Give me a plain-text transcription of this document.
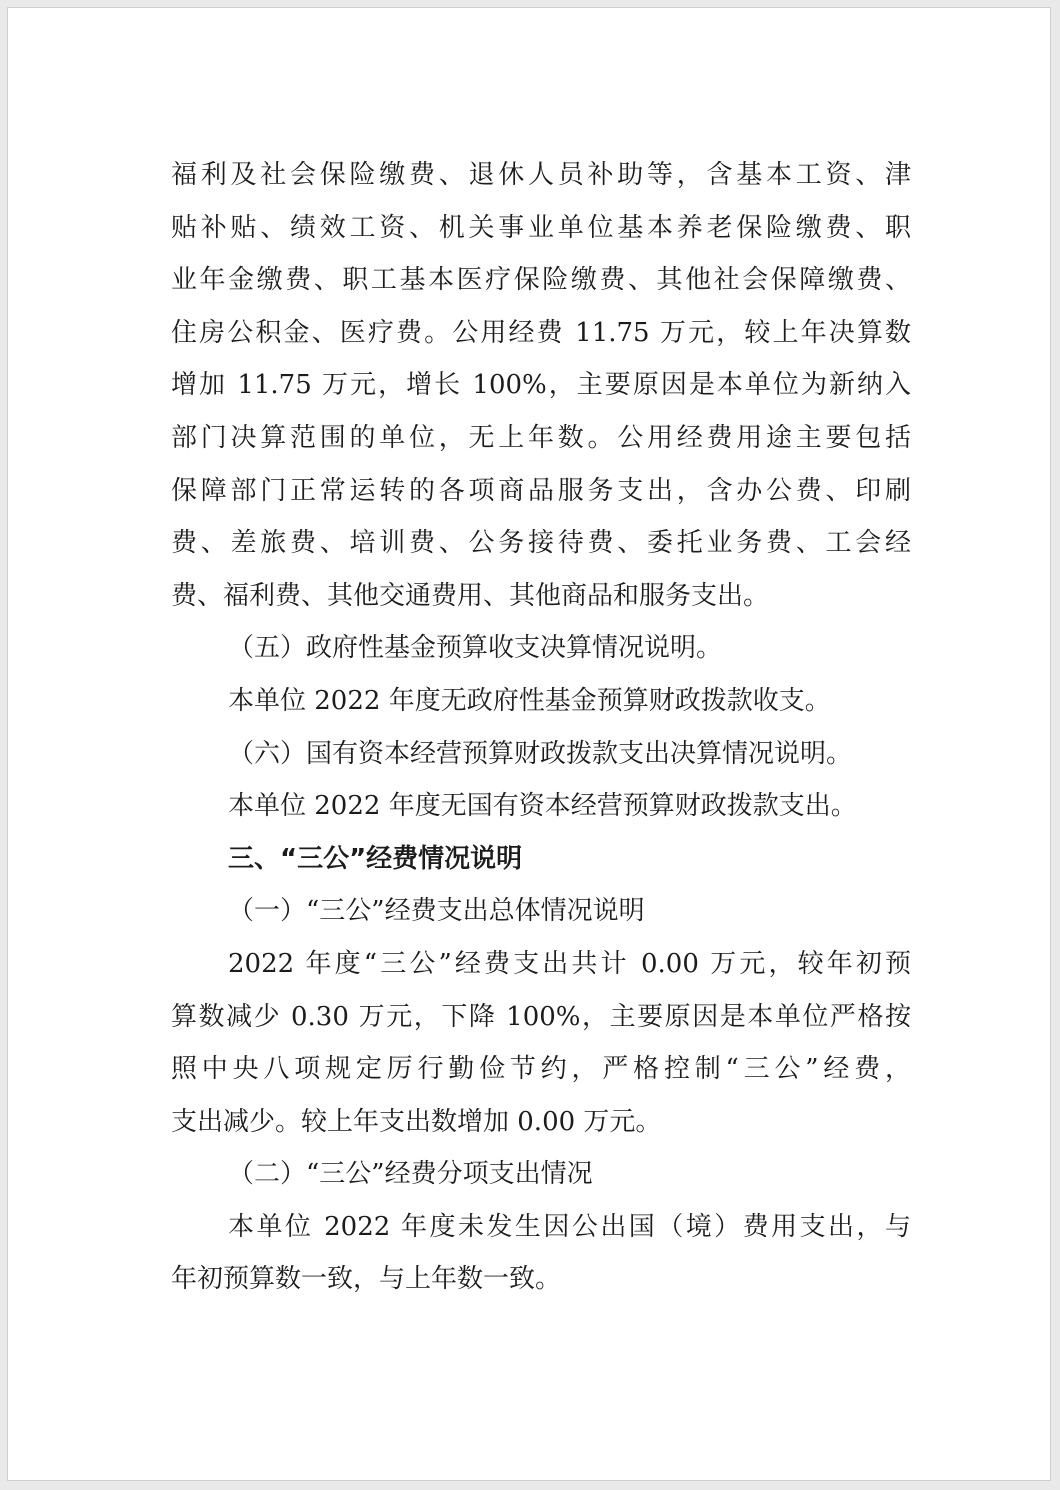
福利及社会保险缴费、退休人员补助等，含基本工资、津
贴补贴、绩效工资、机关事业单位基本养老保险缴费、职
业年金缴费、职工基本医疗保险缴费、其他社会保障缴费、
住房公积金、医疗费。公用经费 11.75 万元，较上年决算数
增加 11.75 万元，增长 100%，主要原因是本单位为新纳入
部门决算范围的单位，无上年数。公用经费用途主要包括
保障部门正常运转的各项商品服务支出，含办公费、印刷
费、差旅费、培训费、公务接待费、委托业务费、工会经
费、福利费、其他交通费用、其他商品和服务支出。
（五）政府性基金预算收支决算情况说明。
本单位 2022 年度无政府性基金预算财政拨款收支。
（六）国有资本经营预算财政拨款支出决算情况说明。
本单位 2022 年度无国有资本经营预算财政拨款支出。
三、“三公”经费情况说明
（一）“三公”经费支出总体情况说明
2022 年度“三公”经费支出共计 0.00 万元，较年初预
算数减少 0.30 万元，下降 100%，主要原因是本单位严格按
照中央八项规定厉行勤俭节约，严格控制“三公”经费，
支出减少。较上年支出数增加 0.00 万元。
（二）“三公”经费分项支出情况
本单位 2022 年度未发生因公出国（境）费用支出，与
年初预算数一致，与上年数一致。
